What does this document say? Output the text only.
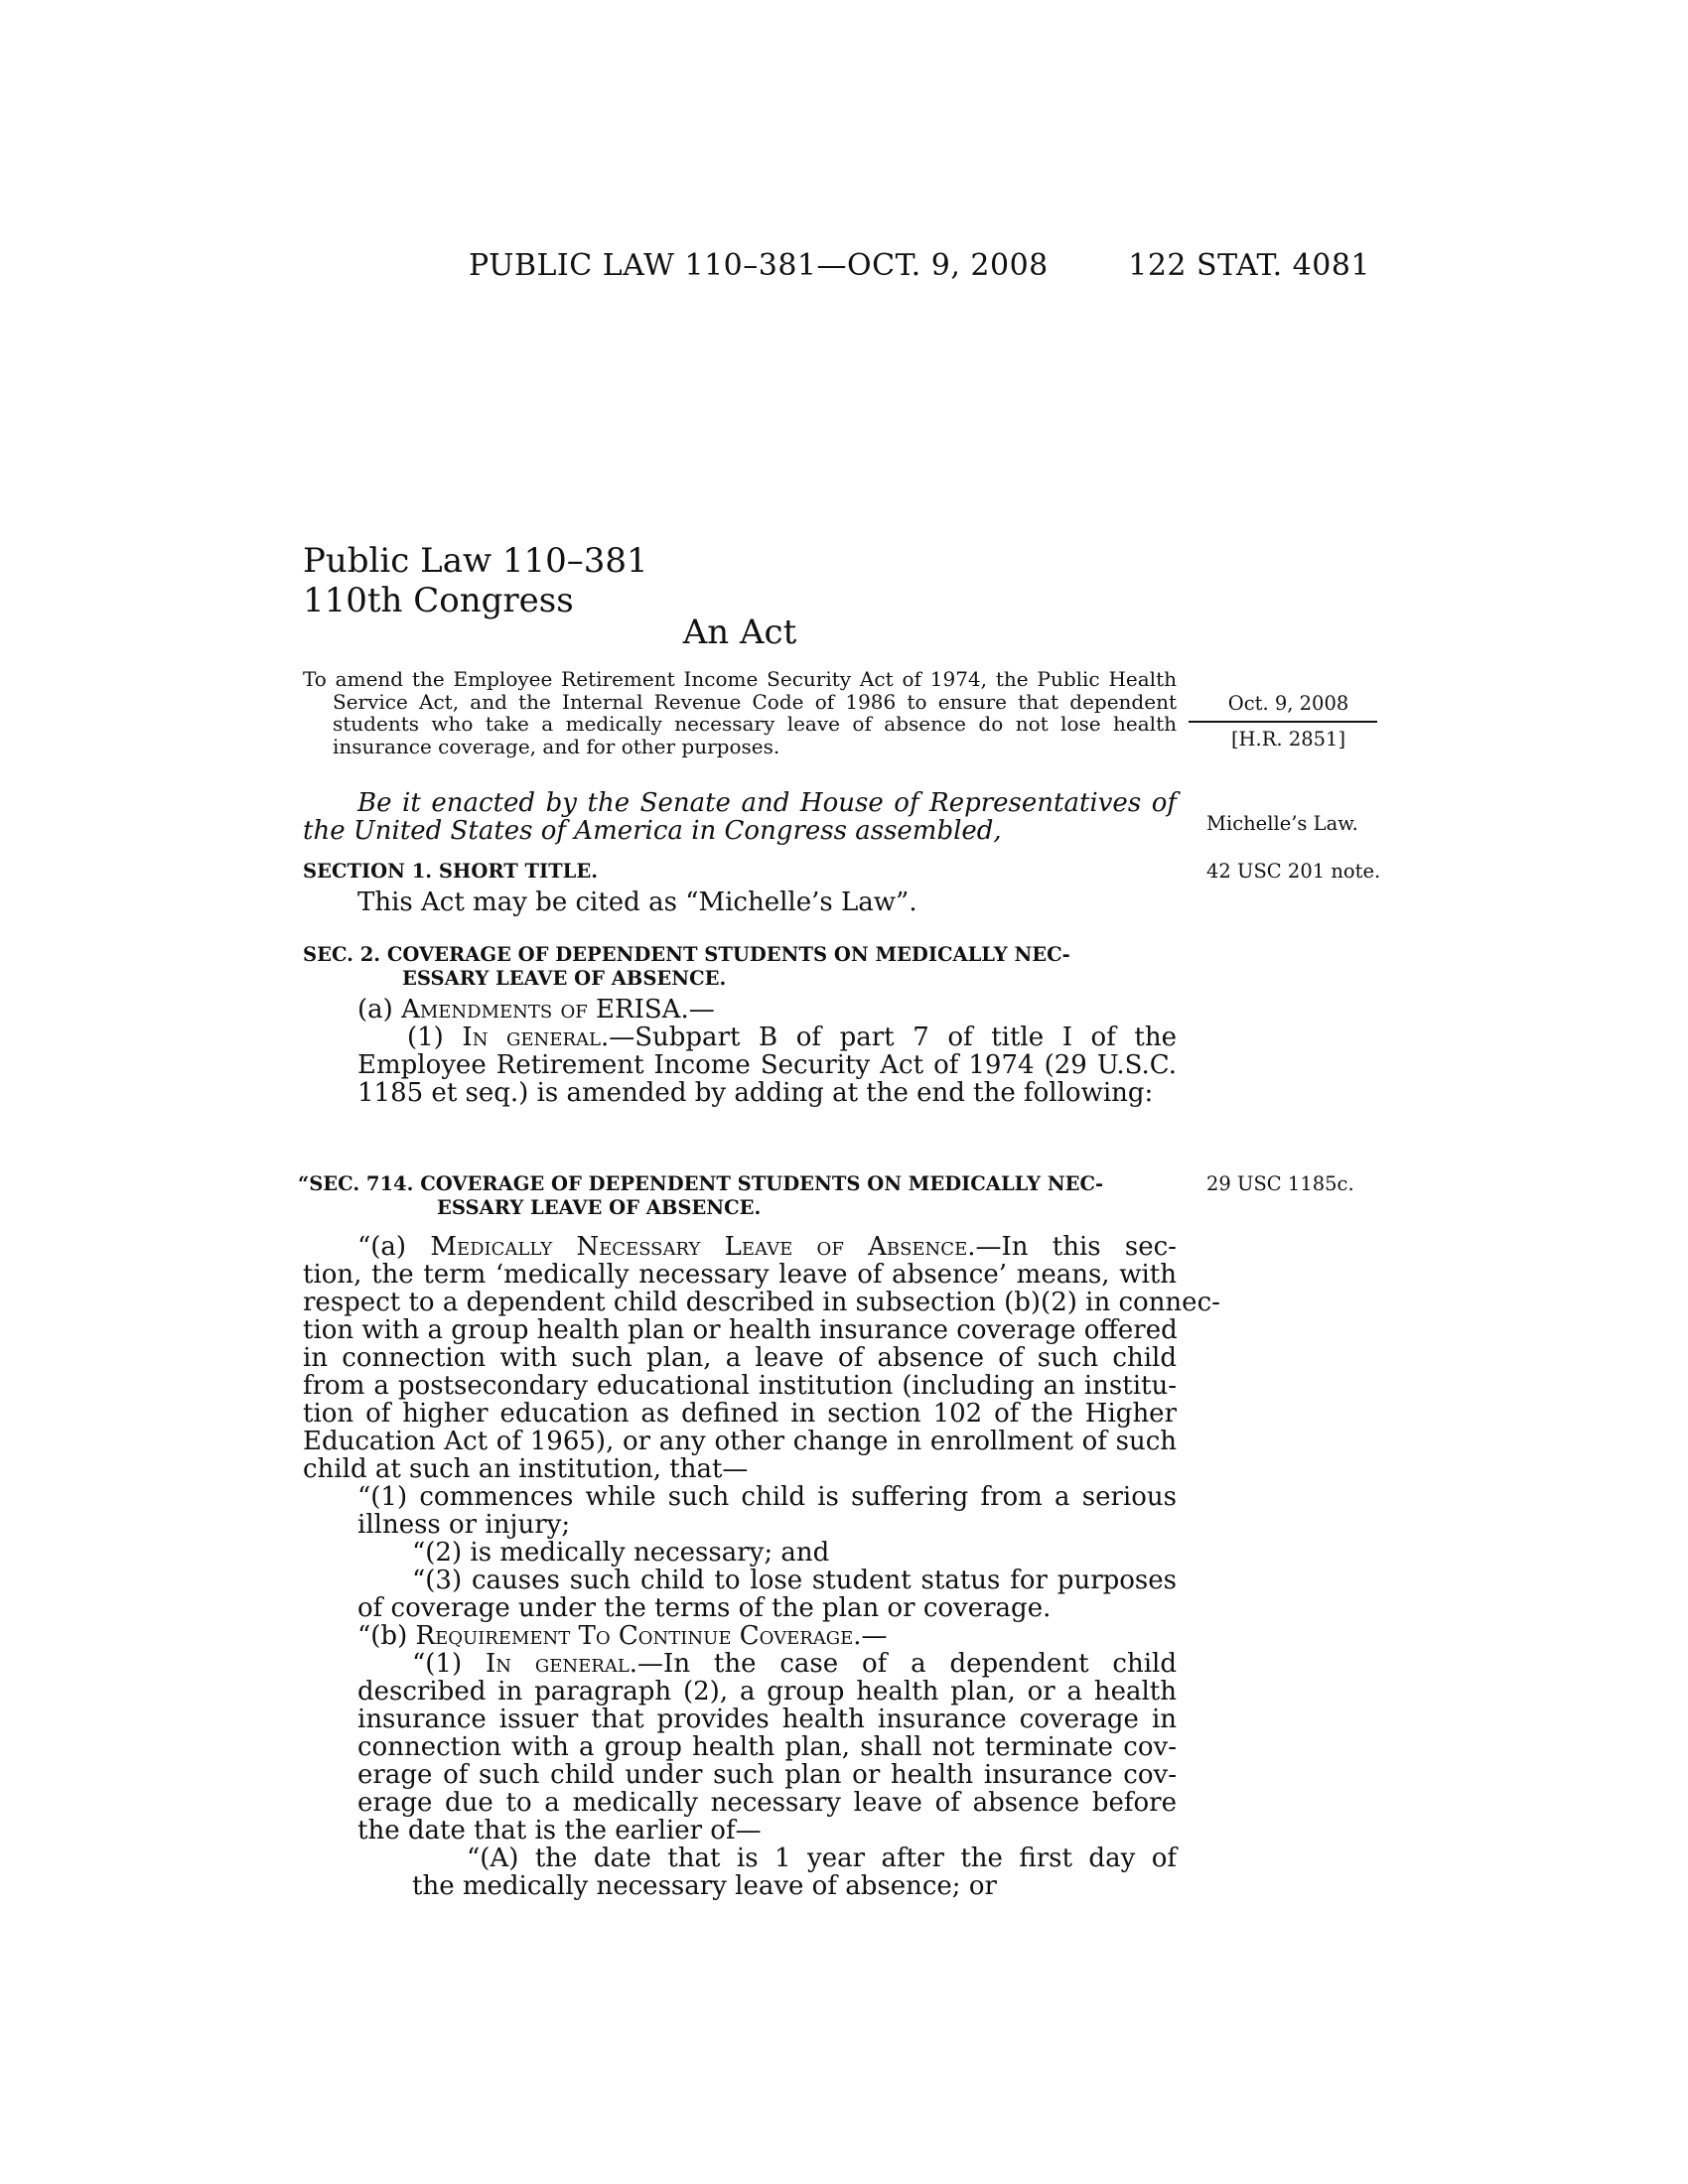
PUBLIC LAW 110–381—OCT. 9, 2008	122 STAT. 4081
Public Law 110–381
110th Congress
An Act
To amend the Employee Retirement Income Security Act of 1974, the Public Health
Service Act, and the Internal Revenue Code of 1986 to ensure that dependent
students who take a medically necessary leave of absence do not lose health
insurance coverage, and for other purposes.
Oct. 9, 2008
[H.R. 2851]
Michelle’s Law.
42 USC 201 note.
29 USC 1185c.
Be it enacted by the Senate and House of Representatives of
the United States of America in Congress assembled,
SECTION 1. SHORT TITLE.
This Act may be cited as “Michelle’s Law”.
SEC. 2. COVERAGE OF DEPENDENT STUDENTS ON MEDICALLY NEC-
ESSARY LEAVE OF ABSENCE.
(a) Amendments of ERISA.—
(1) In general.—Subpart B of part 7 of title I of the
Employee Retirement Income Security Act of 1974 (29 U.S.C.
1185 et seq.) is amended by adding at the end the following:
“SEC. 714. COVERAGE OF DEPENDENT STUDENTS ON MEDICALLY NEC-
ESSARY LEAVE OF ABSENCE.
“(a) Medically Necessary Leave of Absence.—In this sec-
tion, the term ‘medically necessary leave of absence’ means, with
respect to a dependent child described in subsection (b)(2) in connec-
tion with a group health plan or health insurance coverage offered
in connection with such plan, a leave of absence of such child
from a postsecondary educational institution (including an institu-
tion of higher education as defined in section 102 of the Higher
Education Act of 1965), or any other change in enrollment of such
child at such an institution, that—
“(1) commences while such child is suffering from a serious
illness or injury;
“(2) is medically necessary; and
“(3) causes such child to lose student status for purposes
of coverage under the terms of the plan or coverage.
“(b) Requirement To Continue Coverage.—
“(1) In general.—In the case of a dependent child
described in paragraph (2), a group health plan, or a health
insurance issuer that provides health insurance coverage in
connection with a group health plan, shall not terminate cov-
erage of such child under such plan or health insurance cov-
erage due to a medically necessary leave of absence before
the date that is the earlier of—
“(A) the date that is 1 year after the first day of
the medically necessary leave of absence; or
